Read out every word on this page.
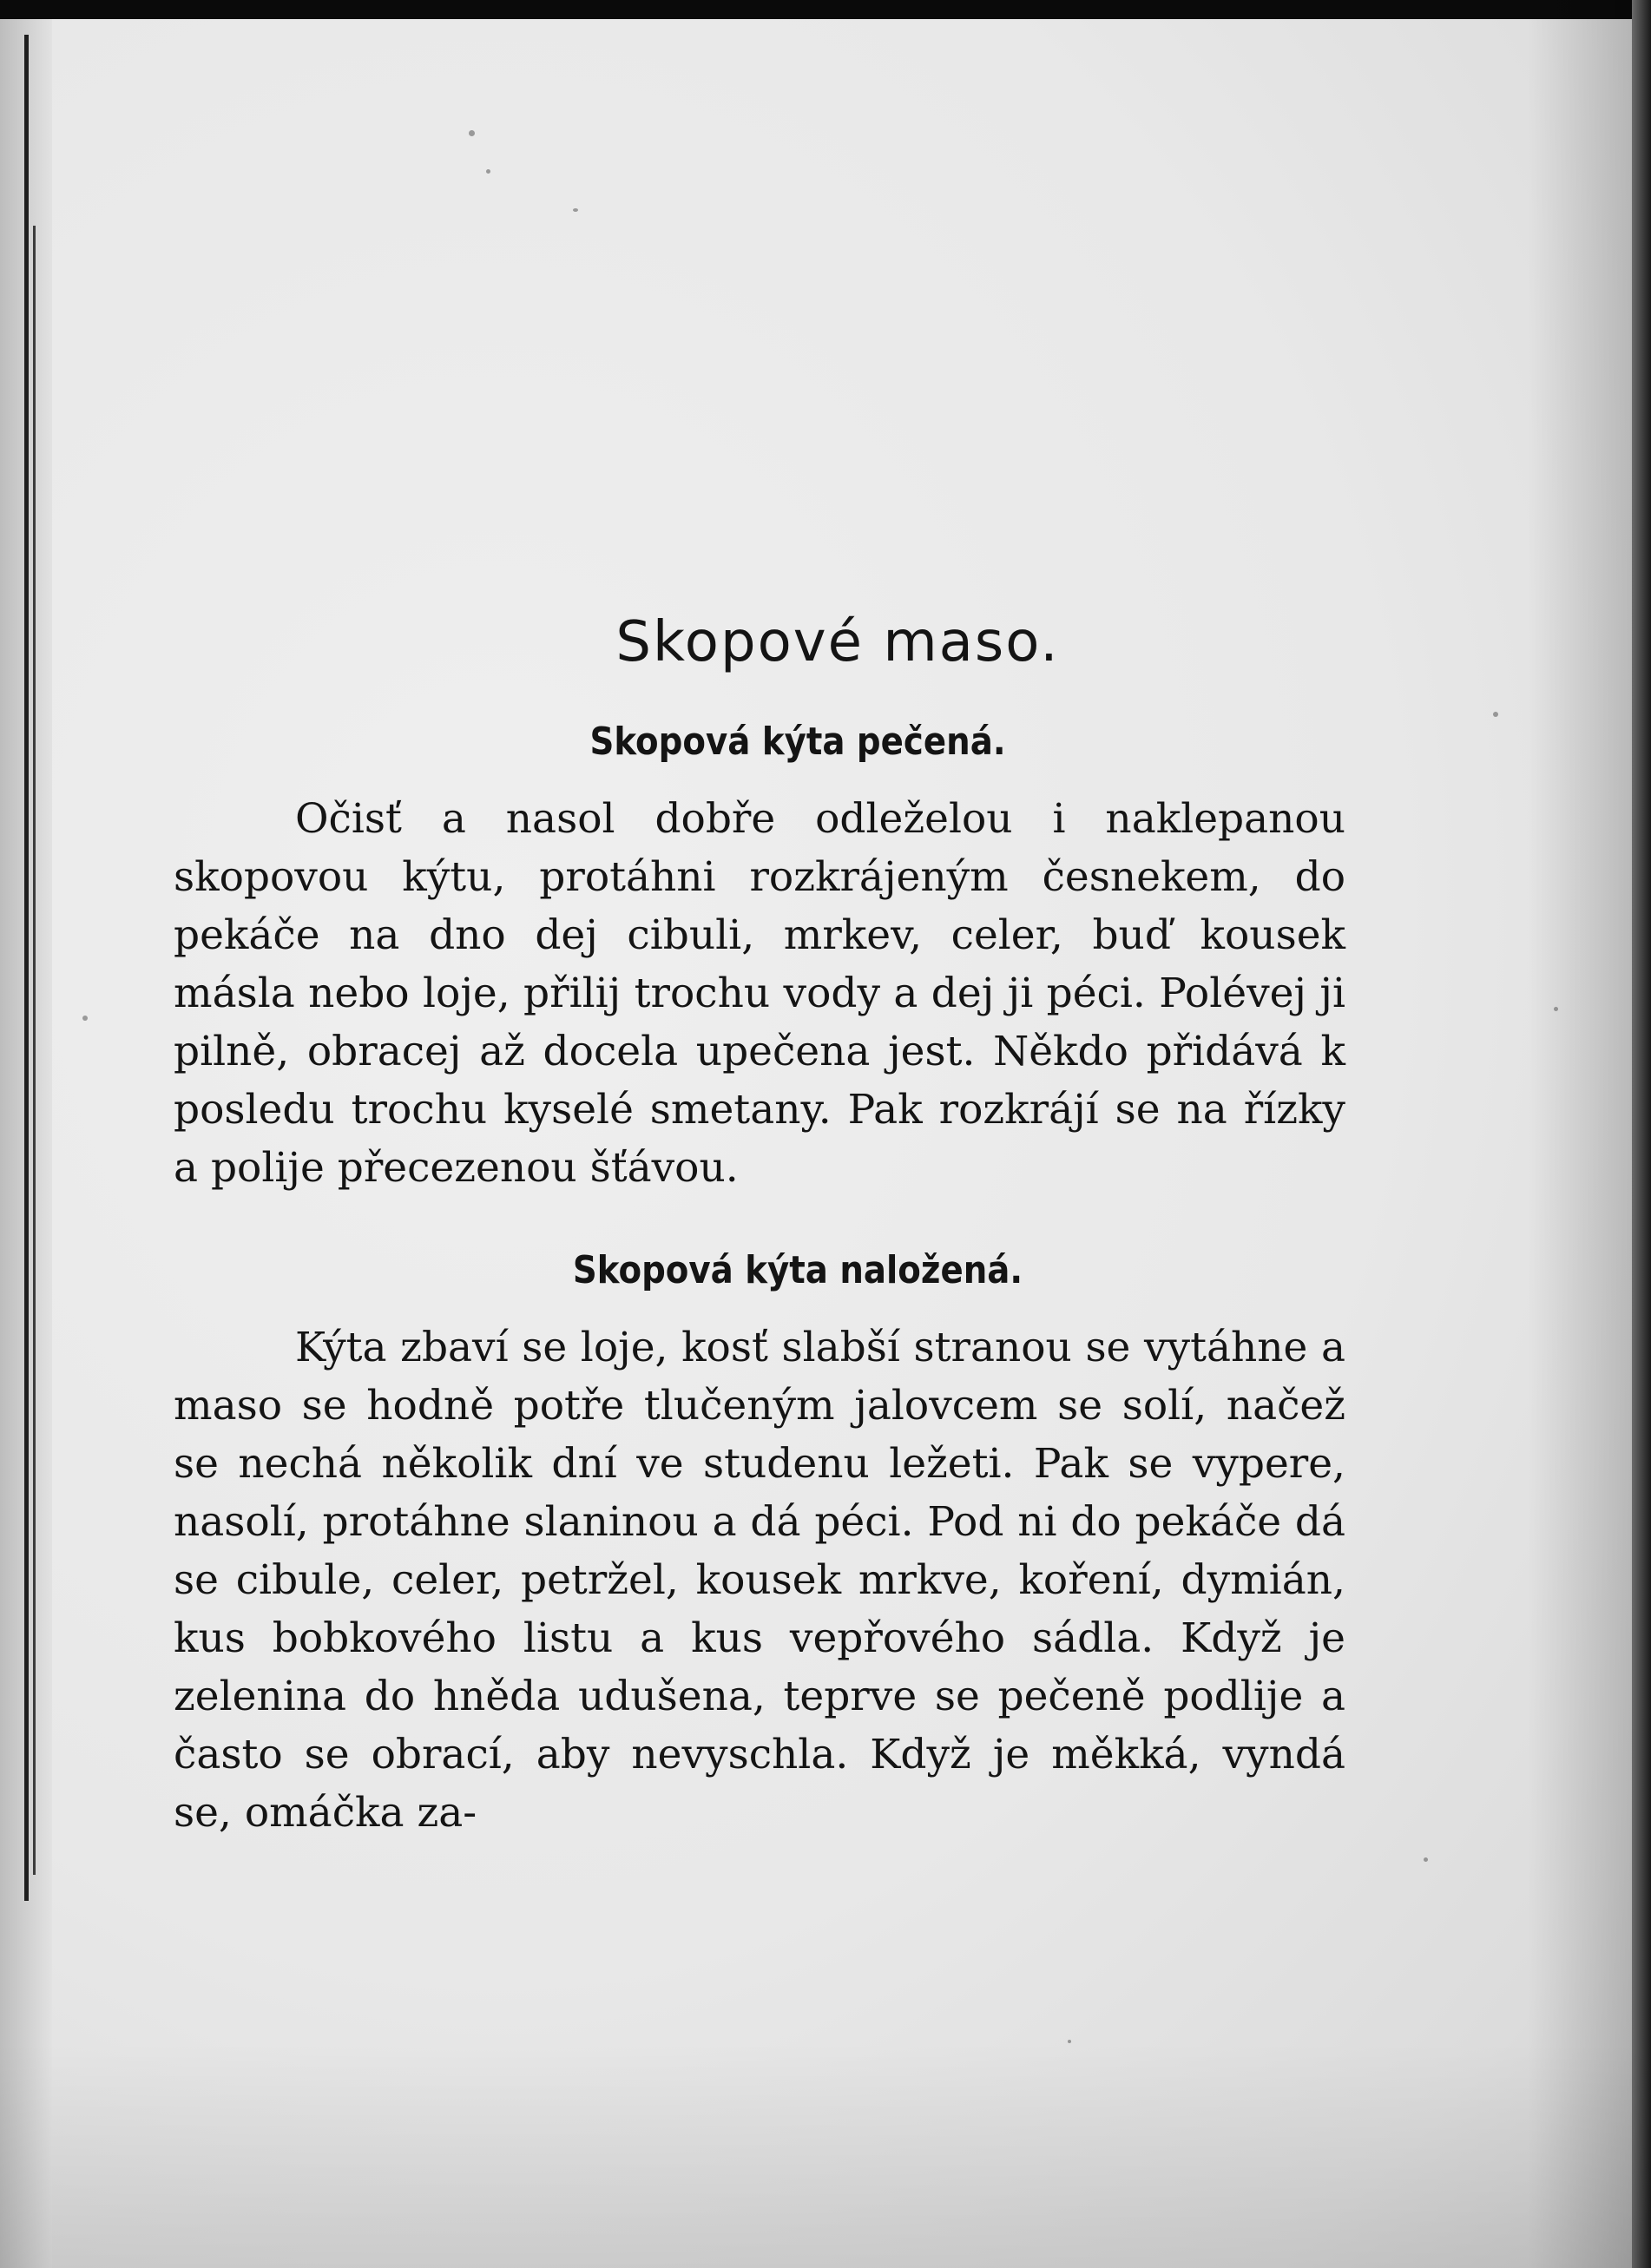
Skopové maso.
Skopová kýta pečená.

Očisť a nasol dobře odleželou i naklepanou skopovou kýtu, protáhni rozkrájeným česnekem, do pekáče na dno dej cibuli, mrkev, celer, buď kousek másla nebo loje, přilij trochu vody a dej ji péci. Polévej ji pilně, obracej až docela upečena jest. Někdo přidává k posledu trochu kyselé smetany. Pak rozkrájí se na řízky a polije přecezenou šťávou.

Skopová kýta naložená.

Kýta zbaví se loje, kosť slabší stranou se vytáhne a maso se hodně potře tlučeným jalovcem se solí, načež se nechá několik dní ve studenu ležeti. Pak se vypere, nasolí, protáhne slaninou a dá péci. Pod ni do pekáče dá se cibule, celer, petržel, kousek mrkve, koření, dymián, kus bobkového listu a kus vepřového sádla. Když je zelenina do hněda udušena, teprve se pečeně podlije a často se obrací, aby nevyschla. Když je měkká, vyndá se, omáčka za-
